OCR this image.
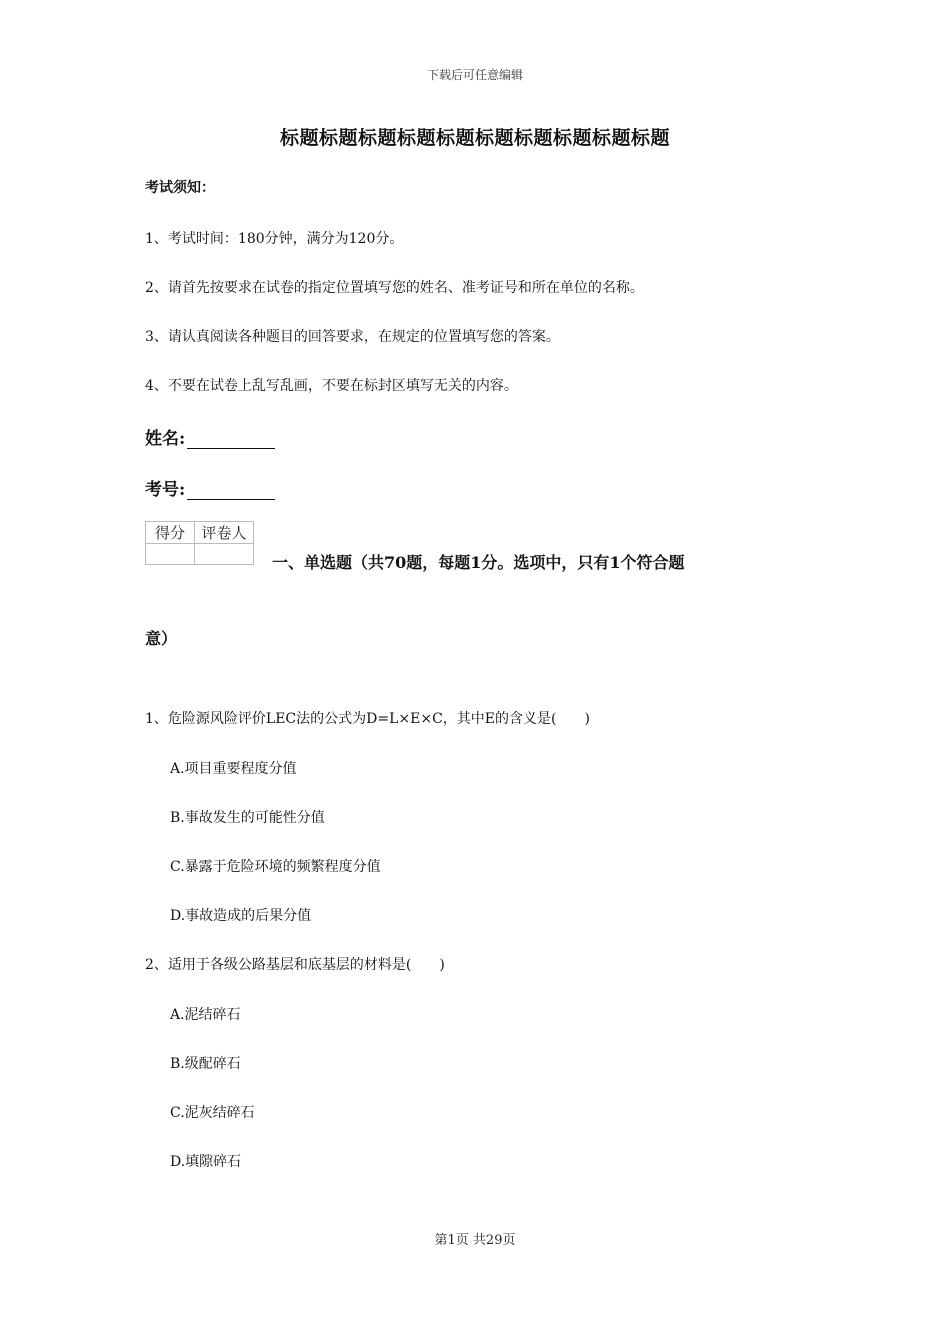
下载后可任意编辑
标题标题标题标题标题标题标题标题标题标题
考试须知：
1、考试时间：180分钟，满分为120分。
2、请首先按要求在试卷的指定位置填写您的姓名、准考证号和所在单位的名称。
3、请认真阅读各种题目的回答要求，在规定的位置填写您的答案。
4、不要在试卷上乱写乱画，不要在标封区填写无关的内容。
姓名:
考号:
得分	评卷人

一、单选题（共70题，每题1分。选项中，只有1个符合题
意）
1、危险源风险评价LEC法的公式为D=L×E×C，其中E的含义是(　　)
A.项目重要程度分值
B.事故发生的可能性分值
C.暴露于危险环境的频繁程度分值
D.事故造成的后果分值
2、适用于各级公路基层和底基层的材料是(　　)
A.泥结碎石
B.级配碎石
C.泥灰结碎石
D.填隙碎石
第1页 共29页
